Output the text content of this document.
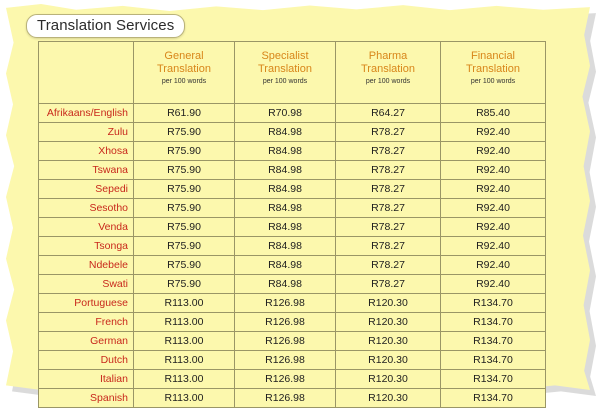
Translation Services

	General
Translation
per 100 words	Specialist
Translation
per 100 words	Pharma
Translation
per 100 words	Financial
Translation
per 100 words

Afrikaans/English	R61.90	R70.98	R64.27	R85.40
Zulu	R75.90	R84.98	R78.27	R92.40
Xhosa	R75.90	R84.98	R78.27	R92.40
Tswana	R75.90	R84.98	R78.27	R92.40
Sepedi	R75.90	R84.98	R78.27	R92.40
Sesotho	R75.90	R84.98	R78.27	R92.40
Venda	R75.90	R84.98	R78.27	R92.40
Tsonga	R75.90	R84.98	R78.27	R92.40
Ndebele	R75.90	R84.98	R78.27	R92.40
Swati	R75.90	R84.98	R78.27	R92.40
Portuguese	R113.00	R126.98	R120.30	R134.70
French	R113.00	R126.98	R120.30	R134.70
German	R113.00	R126.98	R120.30	R134.70
Dutch	R113.00	R126.98	R120.30	R134.70
Italian	R113.00	R126.98	R120.30	R134.70
Spanish	R113.00	R126.98	R120.30	R134.70
